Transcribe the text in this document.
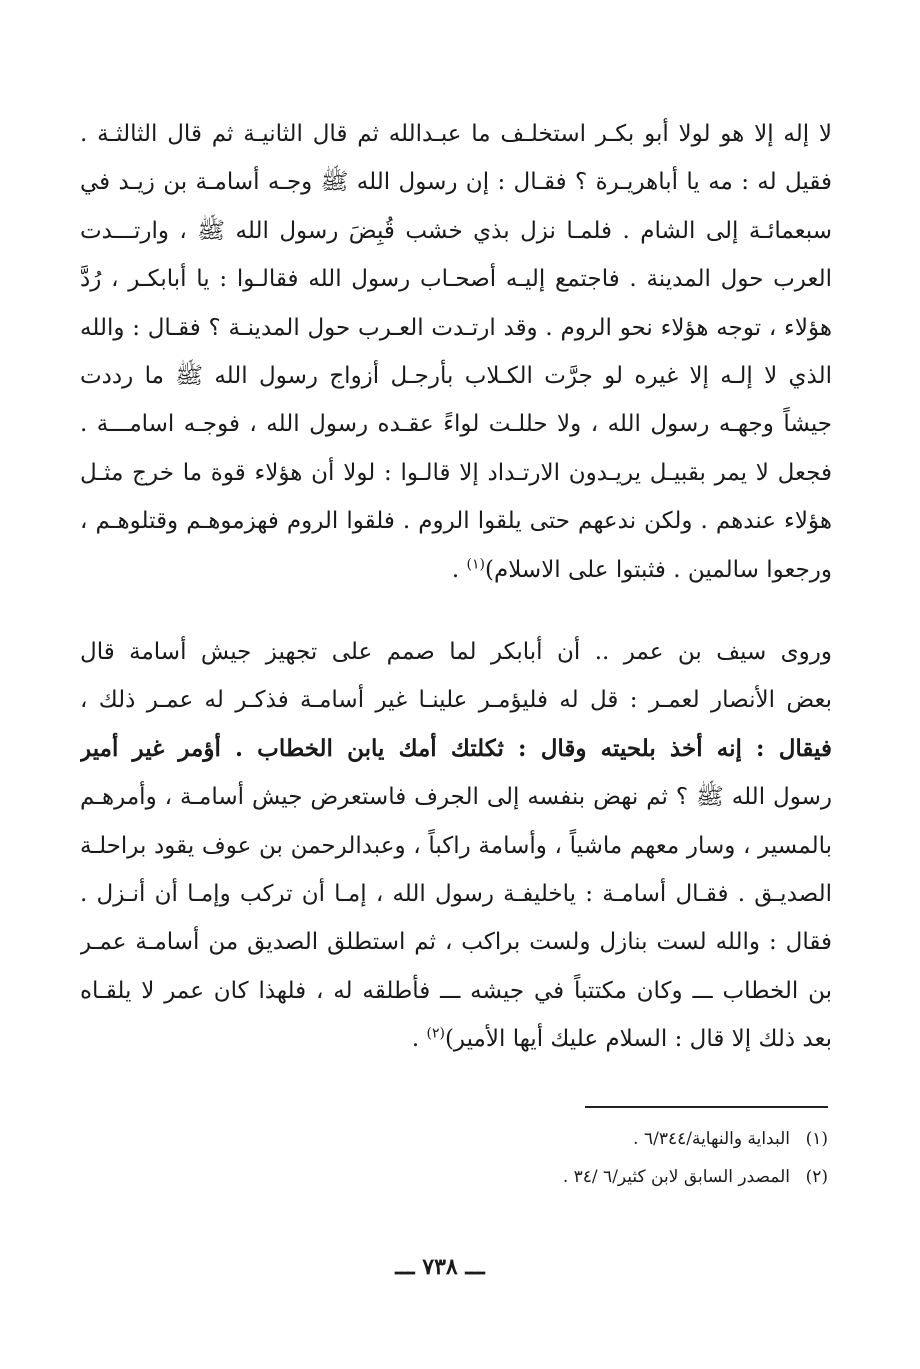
لا إله إلا هو لولا أبو بكـر استخلـف ما عبـدالله ثم قال الثانيـة ثم قال الثالثـة .
فقيل له : مه يا أباهريـرة ؟ فقـال : إن رسول الله ﷺ وجـه أسامـة بن زيـد في
سبعمائـة إلى الشام . فلمـا نزل بذي خشب قُبِضَ رسول الله ﷺ ، وارتـــدت
العرب حول المدينة . فاجتمع إليـه أصحـاب رسول الله فقالـوا : يا أبابكـر ، رُدَّ
هؤلاء ، توجه هؤلاء نحو الروم . وقد ارتـدت العـرب حول المدينـة ؟ فقـال : والله
الذي لا إلـه إلا غيره لو جرَّت الكـلاب بأرجـل أزواج رسول الله ﷺ ما رددت
جيشاً وجهـه رسول الله ، ولا حللـت لواءً عقـده رسول الله ، فوجـه اسامـــة .
فجعل لا يمر بقبيـل يريـدون الارتـداد إلا قالـوا : لولا أن هؤلاء قوة ما خرج مثـل
هؤلاء عندهم . ولكن ندعهم حتى يلقوا الروم . فلقوا الروم فهزموهـم وقتلوهـم ،
ورجعوا سالمين . فثبتوا على الاسلام)$^{(١)}$ .
وروى سيف بن عمر .. أن أبابكر لما صمم على تجهيز جيش أسامة قال
بعض الأنصار لعمـر : قل له فليؤمـر علينـا غير أسامـة فذكـر له عمـر ذلك ،
فيقال : إنه أخذ بلحيته وقال : ثكلتك أمك يابن الخطاب . أؤمر غير أمير
رسول الله ﷺ ؟ ثم نهض بنفسه إلى الجرف فاستعرض جيش أسامـة ، وأمرهـم
بالمسير ، وسار معهم ماشياً ، وأسامة راكباً ، وعبدالرحمن بن عوف يقود براحلـة
الصديـق . فقـال أسامـة : ياخليفـة رسول الله ، إمـا أن تركب وإمـا أن أنـزل .
فقال : والله لست بنازل ولست براكب ، ثم استطلق الصديق من أسامـة عمـر
بن الخطاب ـــ وكان مكتتباً في جيشه ـــ فأطلقه له ، فلهذا كان عمر لا يلقـاه
بعد ذلك إلا قال : السلام عليك أيها الأمير)$^{(٢)}$ .
(١)البداية والنهاية/٦/٣٤٤ .
(٢)المصدر السابق لابن كثير/٦ /٣٤ .
ـــ ٧٣٨ ـــ
